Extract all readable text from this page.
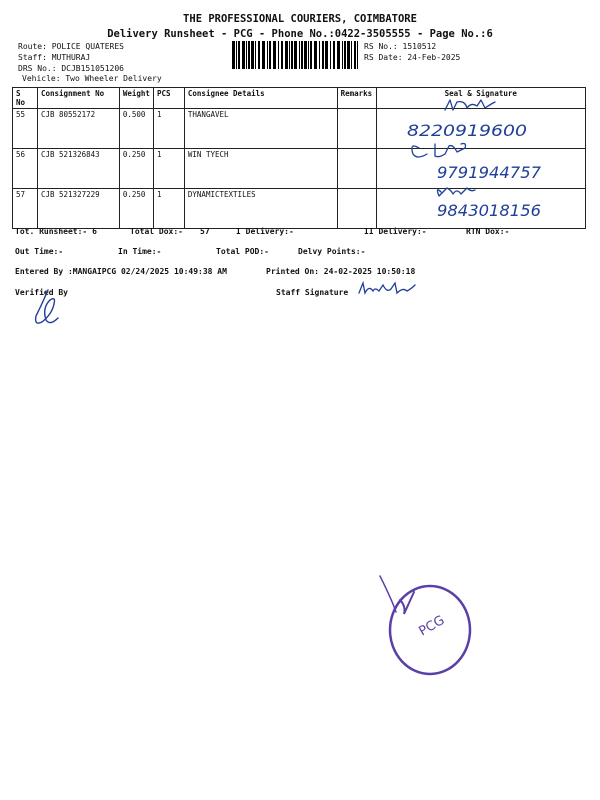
THE PROFESSIONAL COURIERS, COIMBATORE
Delivery Runsheet - PCG - Phone No.:0422-3505555 - Page No.:6
Route: POLICE QUATERES
Staff: MUTHURAJ
DRS No.: DCJB151051206
Vehicle: Two Wheeler Delivery
RS No.: 1510512
RS Date: 24-Feb-2025
S No	Consignment No	Weight	PCS	Consignee Details	Remarks	Seal & Signature
55	CJB 80552172	0.500	1	THANGAVEL		
56	CJB 521326843	0.250	1	WIN TYECH		
57	CJB 521327229	0.250	1	DYNAMICTEXTILES		
8220919600
9791944757
9843018156
Tot. Runsheet:- 6	Total Dox:- 57	I Delivery:-	II Delivery:-	RTN Dox:-
Out Time:-	In Time:-	Total POD:-	Delvy Points:-
Entered By :MANGAIPCG 02/24/2025 10:49:38 AM	Printed On: 24-02-2025 10:50:18
Verified By	Staff Signature
PCG
